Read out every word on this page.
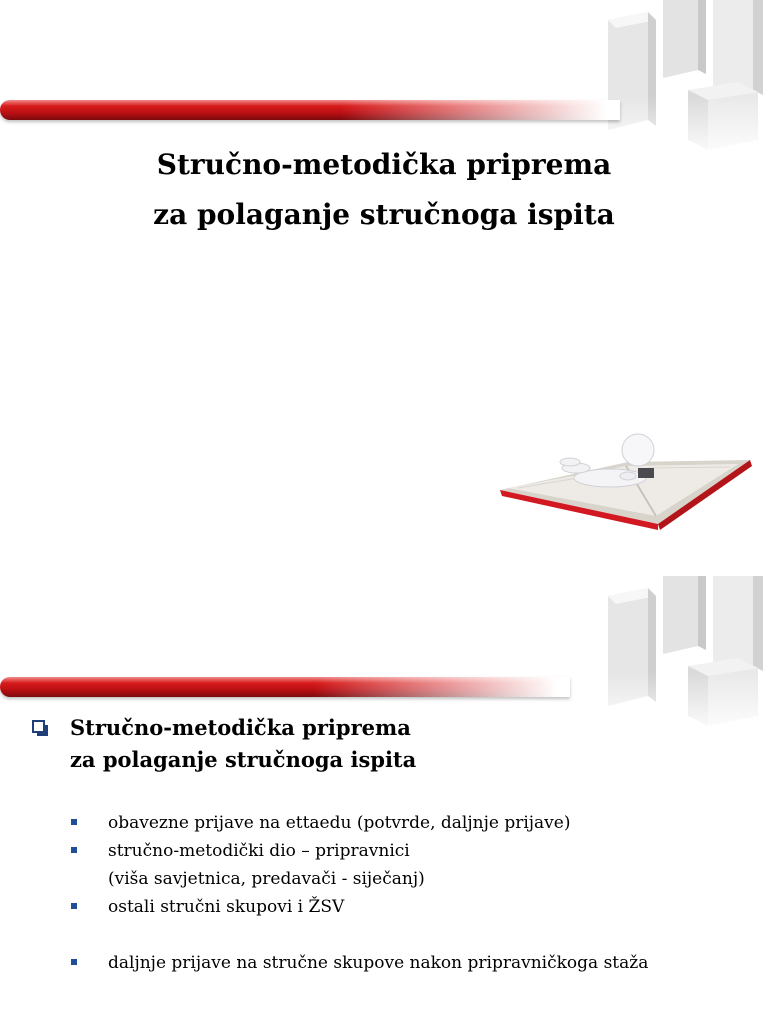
Stručno-metodička priprema
za polaganje stručnoga ispita
Stručno-metodička priprema
za polaganje stručnoga ispita
obavezne prijave na ettaedu (potvrde, daljnje prijave)
stručno-metodički dio – pripravnici
(viša savjetnica, predavači - siječanj)
ostali stručni skupovi i ŽSV
daljnje prijave na stručne skupove nakon pripravničkoga staža
